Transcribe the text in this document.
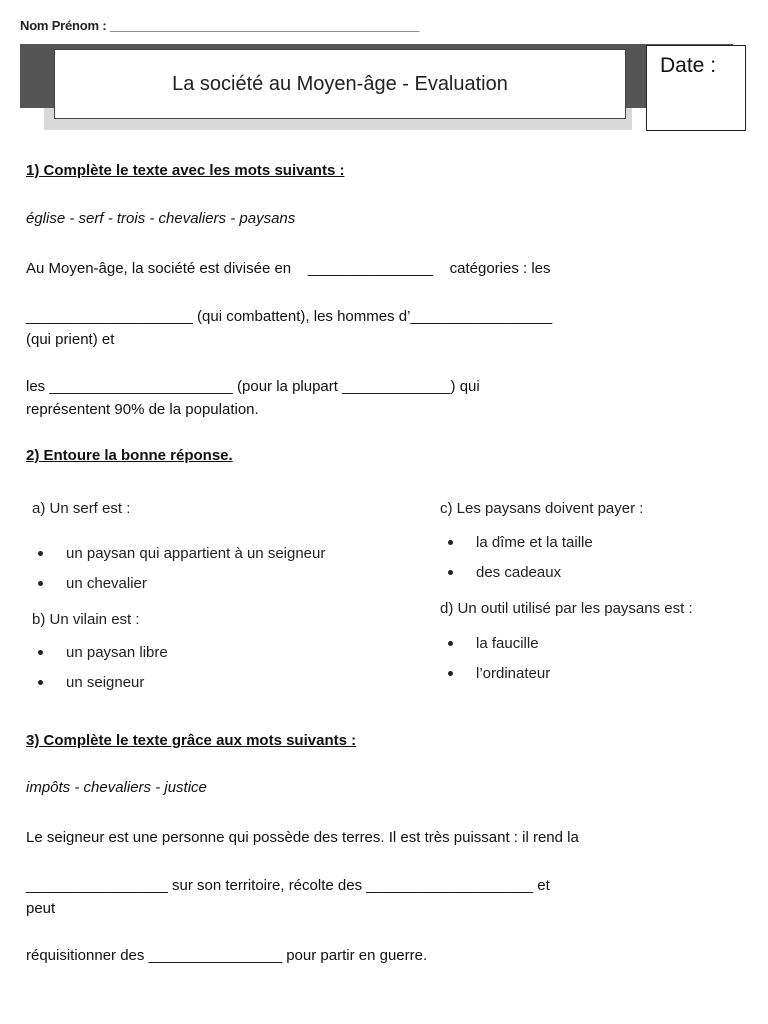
Nom Prénom : ____________________________________________
La société au Moyen-âge - Evaluation
Date :
1) Complète le texte avec les mots suivants :
église - serf - trois - chevaliers - paysans
Au Moyen-âge, la société est divisée en    _______________    catégories : les
____________________ (qui combattent), les hommes d’_________________
(qui prient) et
les ______________________ (pour la plupart _____________) qui
représentent 90% de la population.
2) Entoure la bonne réponse.
a) Un serf est :
un paysan qui appartient à un seigneur
un chevalier
b) Un vilain est :
un paysan libre
un seigneur
c) Les paysans doivent payer :
la dîme et la taille
des cadeaux
d) Un outil utilisé par les paysans est :
la faucille
l’ordinateur
3) Complète le texte grâce aux mots suivants :
impôts - chevaliers - justice
Le seigneur est une personne qui possède des terres. Il est très puissant : il rend la
_________________ sur son territoire, récolte des ____________________ et
peut
réquisitionner des ________________ pour partir en guerre.
